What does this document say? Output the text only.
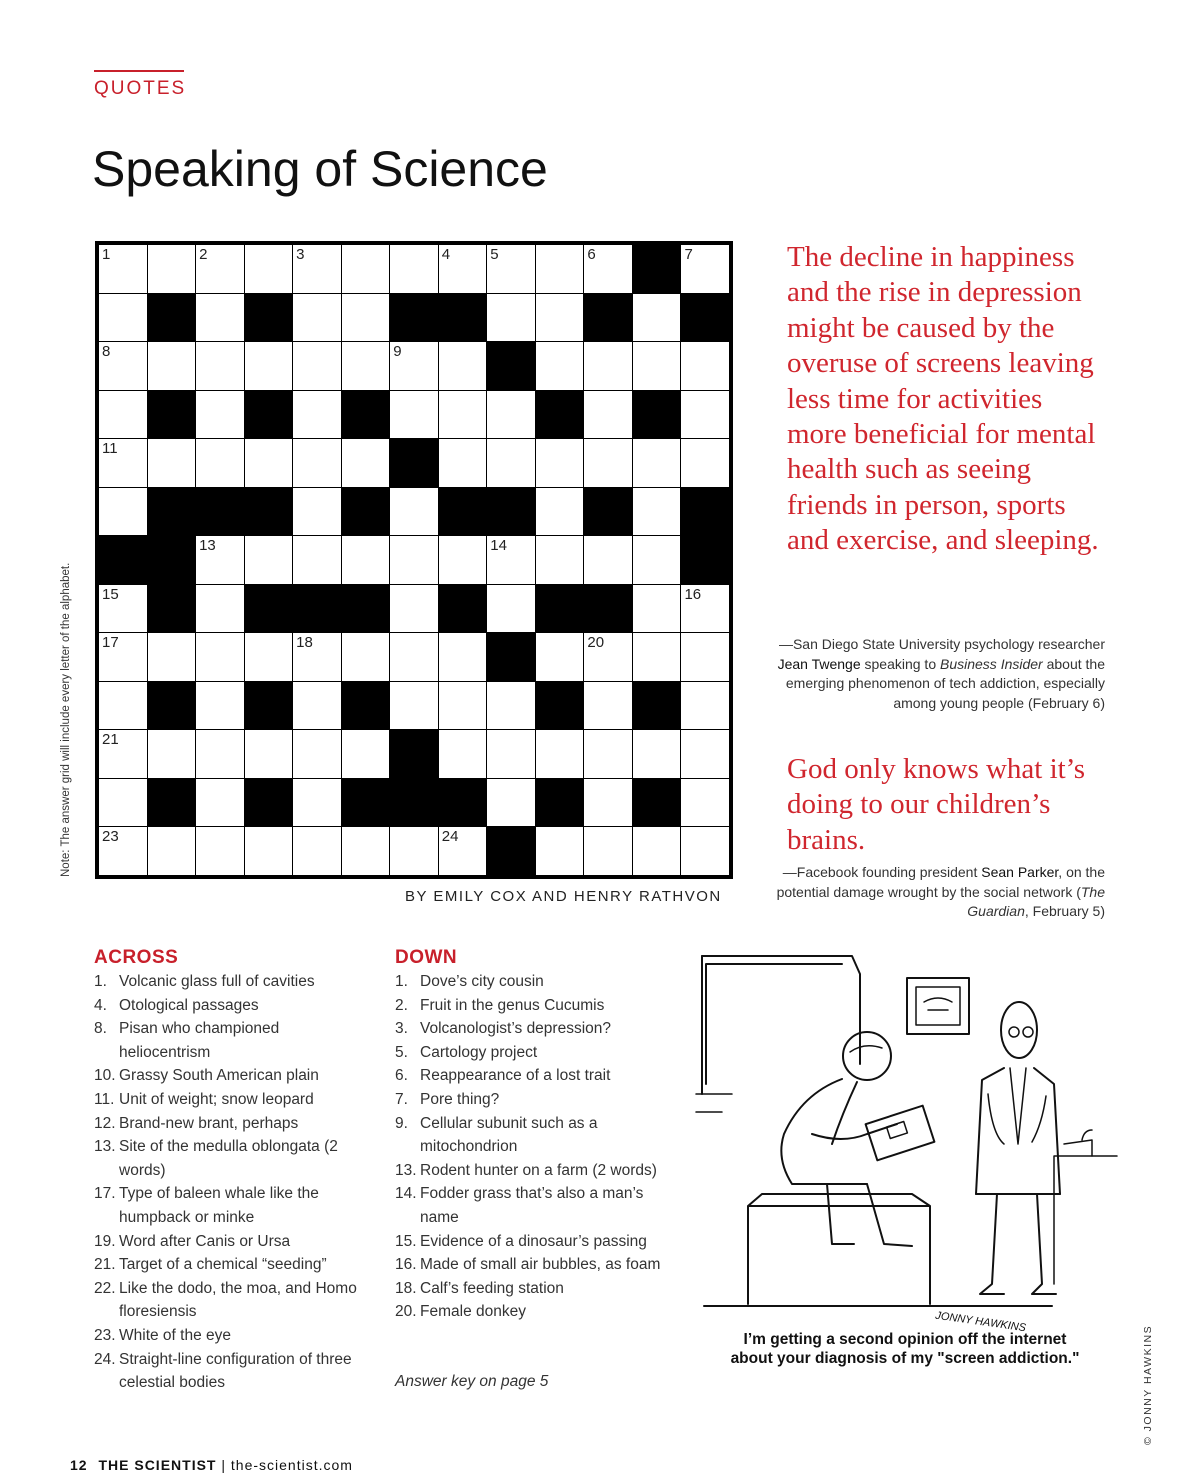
QUOTES
Speaking of Science
1	2	3	4	5	6	7
8	9
11
13	14
15	16
17	18	20
21
23	24
BY EMILY COX AND HENRY RATHVON
Note: The answer grid will include every letter of the alphabet.

The decline in happiness and the rise in depression might be caused by the overuse of screens leaving less time for activities more beneficial for mental health such as seeing friends in person, sports and exercise, and sleeping.

—San Diego State University psychology researcher Jean Twenge speaking to Business Insider about the emerging phenomenon of tech addiction, especially among young people (February 6)

God only knows what it’s doing to our children’s brains.

—Facebook founding president Sean Parker, on the potential damage wrought by the social network (The Guardian, February 5)
ACROSS
1. Volcanic glass full of cavities
4. Otological passages
8. Pisan who championed heliocentrism
10. Grassy South American plain
11. Unit of weight; snow leopard
12. Brand-new brant, perhaps
13. Site of the medulla oblongata (2 words)
17. Type of baleen whale like the humpback or minke
19. Word after Canis or Ursa
21. Target of a chemical “seeding”
22. Like the dodo, the moa, and Homo floresiensis
23. White of the eye
24. Straight-line configuration of three celestial bodies
DOWN
1. Dove’s city cousin
2. Fruit in the genus Cucumis
3. Volcanologist’s depression?
5. Cartology project
6. Reappearance of a lost trait
7. Pore thing?
9. Cellular subunit such as a mitochondrion
13. Rodent hunter on a farm (2 words)
14. Fodder grass that’s also a man’s name
15. Evidence of a dinosaur’s passing
16. Made of small air bubbles, as foam
18. Calf’s feeding station
20. Female donkey
Answer key on page 5
I’m getting a second opinion off the internet
about your diagnosis of my "screen addiction."
JONNY HAWKINS
© JONNY HAWKINS
12 THE SCIENTIST | the-scientist.com
